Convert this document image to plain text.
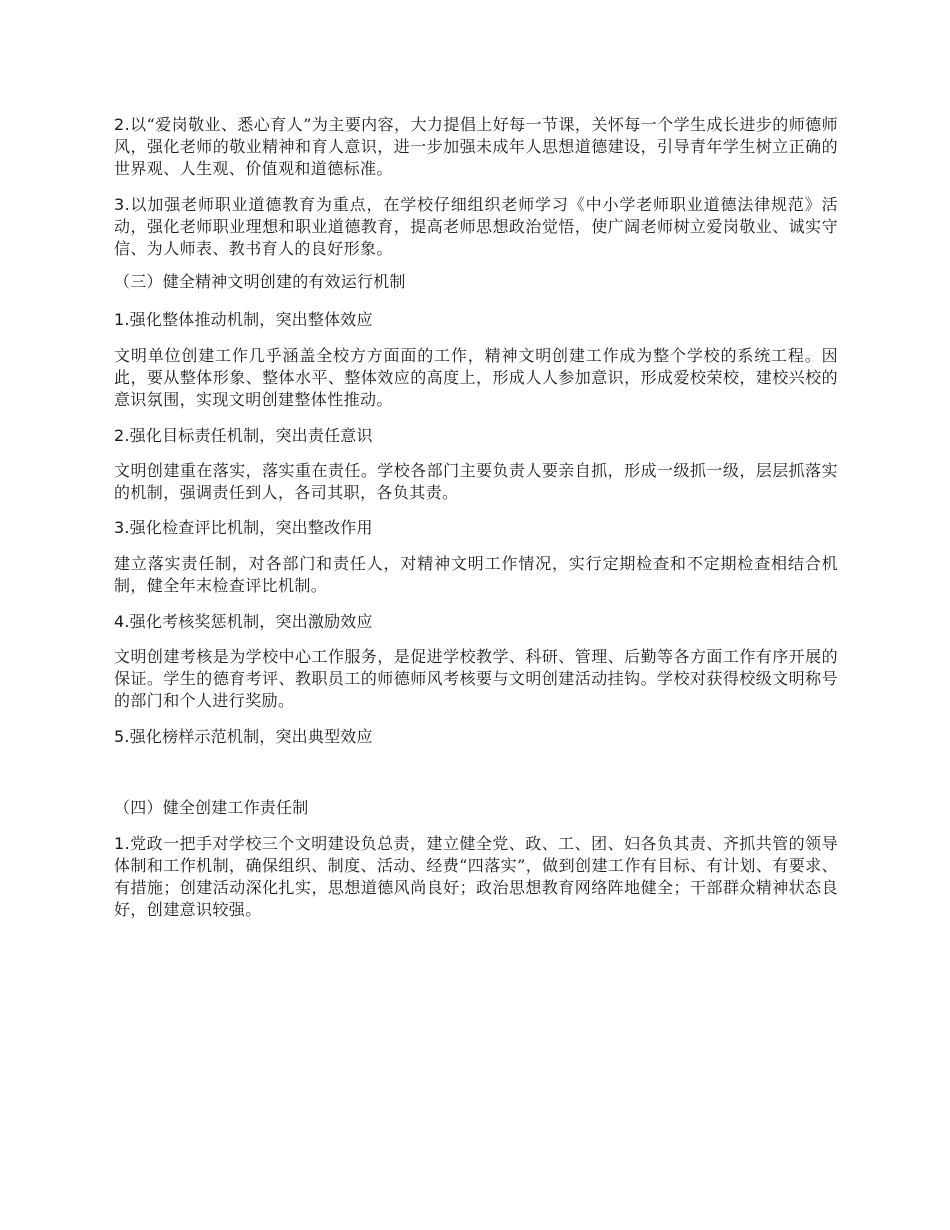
2.以“爱岗敬业、悉心育人”为主要内容，大力提倡上好每一节课，关怀每一个学生成长进步的师德师风，强化老师的敬业精神和育人意识，进一步加强未成年人思想道德建设，引导青年学生树立正确的世界观、人生观、价值观和道德标准。

3.以加强老师职业道德教育为重点，在学校仔细组织老师学习《中小学老师职业道德法律规范》活动，强化老师职业理想和职业道德教育，提高老师思想政治觉悟，使广阔老师树立爱岗敬业、诚实守信、为人师表、教书育人的良好形象。

（三）健全精神文明创建的有效运行机制

1.强化整体推动机制，突出整体效应

文明单位创建工作几乎涵盖全校方方面面的工作，精神文明创建工作成为整个学校的系统工程。因此，要从整体形象、整体水平、整体效应的高度上，形成人人参加意识，形成爱校荣校，建校兴校的意识氛围，实现文明创建整体性推动。

2.强化目标责任机制，突出责任意识

文明创建重在落实，落实重在责任。学校各部门主要负责人要亲自抓，形成一级抓一级，层层抓落实的机制，强调责任到人，各司其职，各负其责。

3.强化检查评比机制，突出整改作用

建立落实责任制，对各部门和责任人，对精神文明工作情况，实行定期检查和不定期检查相结合机制，健全年末检查评比机制。

4.强化考核奖惩机制，突出激励效应

文明创建考核是为学校中心工作服务，是促进学校教学、科研、管理、后勤等各方面工作有序开展的保证。学生的德育考评、教职员工的师德师风考核要与文明创建活动挂钩。学校对获得校级文明称号的部门和个人进行奖励。

5.强化榜样示范机制，突出典型效应

（四）健全创建工作责任制

1.党政一把手对学校三个文明建设负总责，建立健全党、政、工、团、妇各负其责、齐抓共管的领导体制和工作机制，确保组织、制度、活动、经费“四落实”，做到创建工作有目标、有计划、有要求、有措施；创建活动深化扎实，思想道德风尚良好；政治思想教育网络阵地健全；干部群众精神状态良好，创建意识较强。
